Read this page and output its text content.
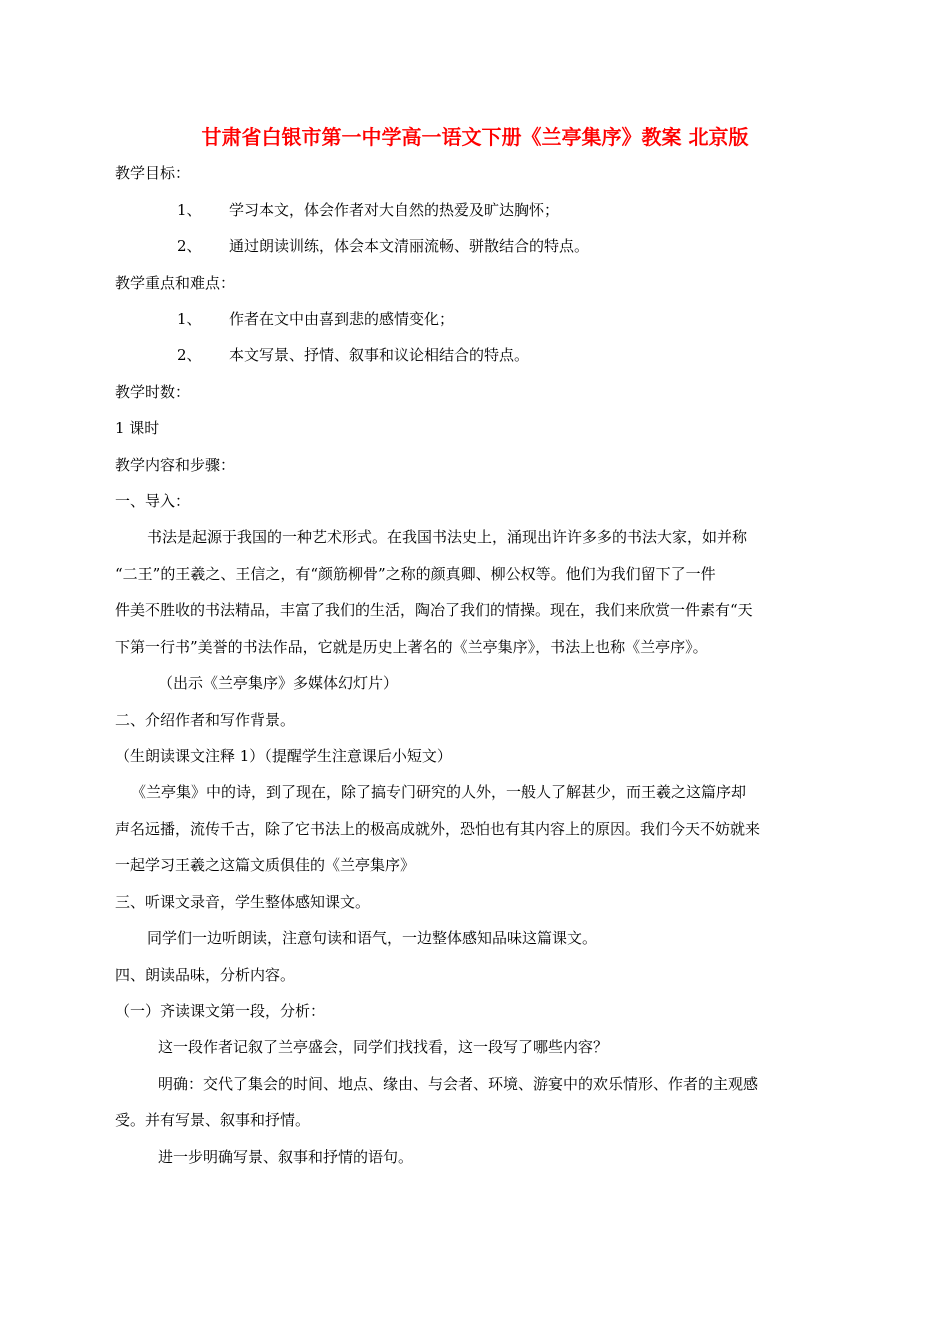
甘肃省白银市第一中学高一语文下册《兰亭集序》教案 北京版
教学目标：
1、 学习本文，体会作者对大自然的热爱及旷达胸怀；
2、 通过朗读训练，体会本文清丽流畅、骈散结合的特点。
教学重点和难点：
1、 作者在文中由喜到悲的感情变化；
2、 本文写景、抒情、叙事和议论相结合的特点。
教学时数：
1 课时
教学内容和步骤：
一、导入：
书法是起源于我国的一种艺术形式。在我国书法史上，涌现出许许多多的书法大家，如并称
“二王”的王羲之、王信之，有“颜筋柳骨”之称的颜真卿、柳公权等。他们为我们留下了一件
件美不胜收的书法精品，丰富了我们的生活，陶冶了我们的情操。现在，我们来欣赏一件素有“天
下第一行书”美誉的书法作品，它就是历史上著名的《兰亭集序》，书法上也称《兰亭序》。
（出示《兰亭集序》多媒体幻灯片）
二、介绍作者和写作背景。
（生朗读课文注释 1）（提醒学生注意课后小短文）
《兰亭集》中的诗，到了现在，除了搞专门研究的人外，一般人了解甚少，而王羲之这篇序却
声名远播，流传千古，除了它书法上的极高成就外，恐怕也有其内容上的原因。我们今天不妨就来
一起学习王羲之这篇文质俱佳的《兰亭集序》
三、听课文录音，学生整体感知课文。
同学们一边听朗读，注意句读和语气，一边整体感知品味这篇课文。
四、朗读品味，分析内容。
（一）齐读课文第一段，分析：
这一段作者记叙了兰亭盛会，同学们找找看，这一段写了哪些内容？
明确：交代了集会的时间、地点、缘由、与会者、环境、游宴中的欢乐情形、作者的主观感
受。并有写景、叙事和抒情。
进一步明确写景、叙事和抒情的语句。
